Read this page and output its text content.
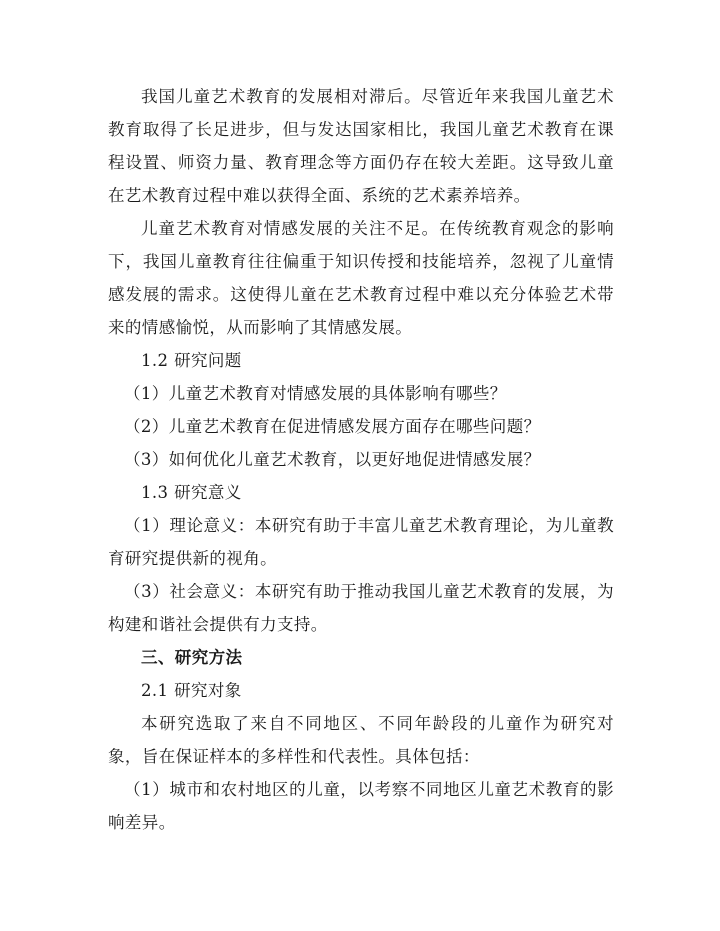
我国儿童艺术教育的发展相对滞后。尽管近年来我国儿童艺术教育取得了长足进步，但与发达国家相比，我国儿童艺术教育在课程设置、师资力量、教育理念等方面仍存在较大差距。这导致儿童在艺术教育过程中难以获得全面、系统的艺术素养培养。

儿童艺术教育对情感发展的关注不足。在传统教育观念的影响下，我国儿童教育往往偏重于知识传授和技能培养，忽视了儿童情感发展的需求。这使得儿童在艺术教育过程中难以充分体验艺术带来的情感愉悦，从而影响了其情感发展。

1.2 研究问题

（1）儿童艺术教育对情感发展的具体影响有哪些？

（2）儿童艺术教育在促进情感发展方面存在哪些问题？

（3）如何优化儿童艺术教育，以更好地促进情感发展？

1.3 研究意义

（1）理论意义：本研究有助于丰富儿童艺术教育理论，为儿童教育研究提供新的视角。

（3）社会意义：本研究有助于推动我国儿童艺术教育的发展，为构建和谐社会提供有力支持。

三、研究方法

2.1 研究对象

本研究选取了来自不同地区、不同年龄段的儿童作为研究对象，旨在保证样本的多样性和代表性。具体包括：

（1）城市和农村地区的儿童，以考察不同地区儿童艺术教育的影响差异。
